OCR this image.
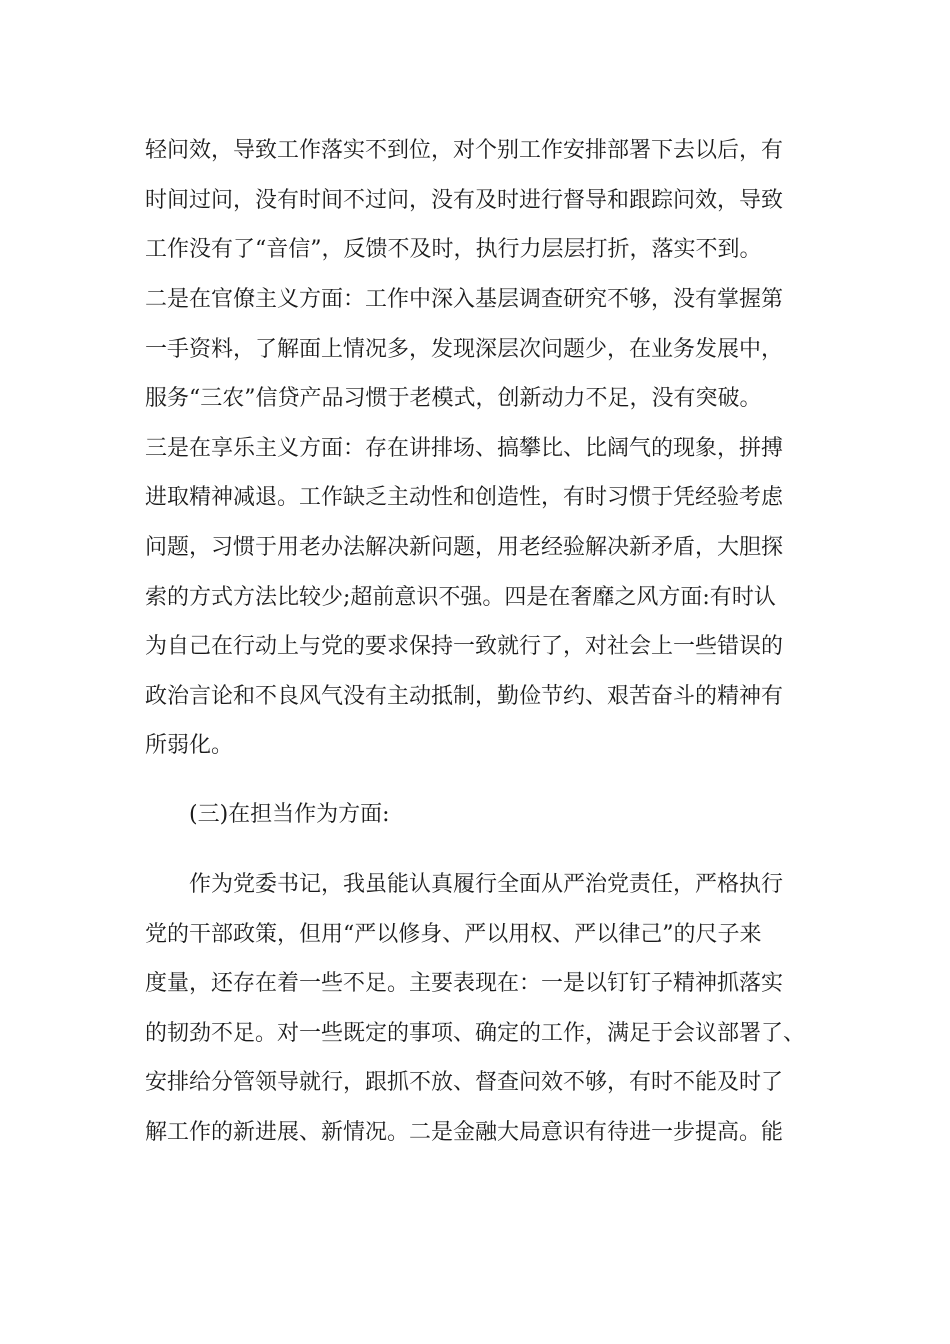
轻问效，导致工作落实不到位，对个别工作安排部署下去以后，有
时间过问，没有时间不过问，没有及时进行督导和跟踪问效，导致
工作没有了“音信”，反馈不及时，执行力层层打折，落实不到。
二是在官僚主义方面：工作中深入基层调查研究不够，没有掌握第
一手资料，了解面上情况多，发现深层次问题少，在业务发展中，
服务“三农”信贷产品习惯于老模式，创新动力不足，没有突破。
三是在享乐主义方面：存在讲排场、搞攀比、比阔气的现象，拼搏
进取精神减退。工作缺乏主动性和创造性，有时习惯于凭经验考虑
问题，习惯于用老办法解决新问题，用老经验解决新矛盾，大胆探
索的方式方法比较少;超前意识不强。四是在奢靡之风方面:有时认
为自己在行动上与党的要求保持一致就行了，对社会上一些错误的
政治言论和不良风气没有主动抵制，勤俭节约、艰苦奋斗的精神有
所弱化。
(三)在担当作为方面:
作为党委书记，我虽能认真履行全面从严治党责任，严格执行
党的干部政策，但用“严以修身、严以用权、严以律己”的尺子来
度量，还存在着一些不足。主要表现在：一是以钉钉子精神抓落实
的韧劲不足。对一些既定的事项、确定的工作，满足于会议部署了、
安排给分管领导就行，跟抓不放、督查问效不够，有时不能及时了
解工作的新进展、新情况。二是金融大局意识有待进一步提高。能
